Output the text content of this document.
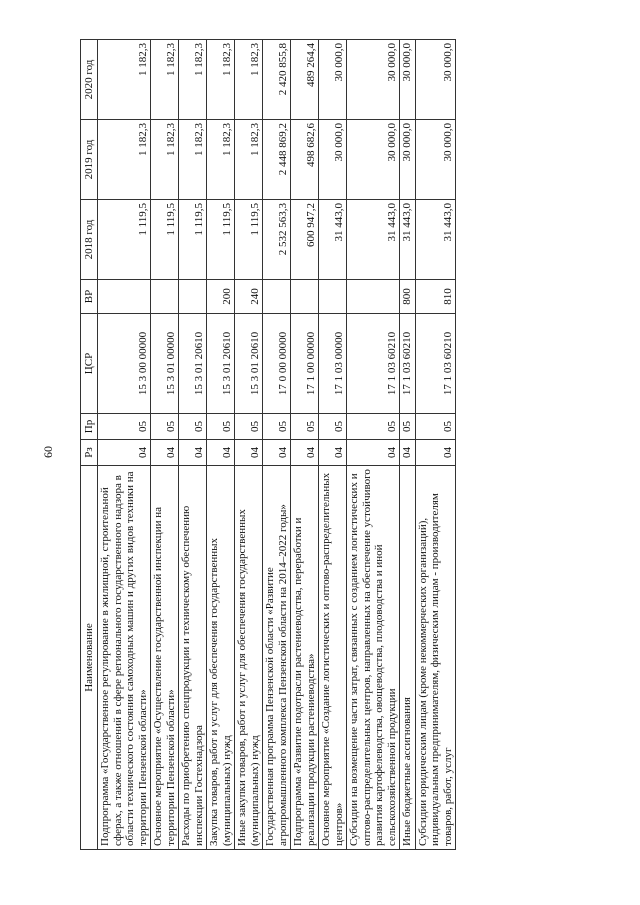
60
Наименование	Рз	Пр	ЦСР	ВР	2018 год	2019 год	2020 год
Подпрограмма «Государственное регулирование в жилищной, строительной сферах, а также отношений в сфере регионального государственного надзора в области технического состояния самоходных машин и других видов техники на территории Пензенской области»	04	05	15 3 00 00000		1 119,5	1 182,3	1 182,3
Основное мероприятие «Осуществление государственной инспекции на территории Пензенской области»	04	05	15 3 01 00000		1 119,5	1 182,3	1 182,3
Расходы по приобретению спецпродукции и техническому обеспечению инспекции Гостехнадзора	04	05	15 3 01 20610		1 119,5	1 182,3	1 182,3
Закупка товаров, работ и услуг для обеспечения государственных (муниципальных) нужд	04	05	15 3 01 20610	200	1 119,5	1 182,3	1 182,3
Иные закупки товаров, работ и услуг для обеспечения государственных (муниципальных) нужд	04	05	15 3 01 20610	240	1 119,5	1 182,3	1 182,3
Государственная программа Пензенской области «Развитие агропромышленного комплекса Пензенской области на 2014–2022 годы»	04	05	17 0 00 00000		2 532 563,3	2 448 869,2	2 420 855,8
Подпрограмма «Развитие подотрасли растениеводства, переработки и реализации продукции растениеводства»	04	05	17 1 00 00000		600 947,2	498 682,6	489 264,4
Основное мероприятие «Создание логистических и оптово-распределительных центров»	04	05	17 1 03 00000		31 443,0	30 000,0	30 000,0
Субсидии на возмещение части затрат, связанных с созданием логистических и оптово-распределительных центров, направленных на обеспечение устойчивого развития картофелеводства, овощеводства, плодоводства и иной сельскохозяйственной продукции	04	05	17 1 03 60210		31 443,0	30 000,0	30 000,0
Иные бюджетные ассигнования	04	05	17 1 03 60210	800	31 443,0	30 000,0	30 000,0
Субсидии юридическим лицам (кроме некоммерческих организаций), индивидуальным предпринимателям, физическим лицам - производителям товаров, работ, услуг	04	05	17 1 03 60210	810	31 443,0	30 000,0	30 000,0
